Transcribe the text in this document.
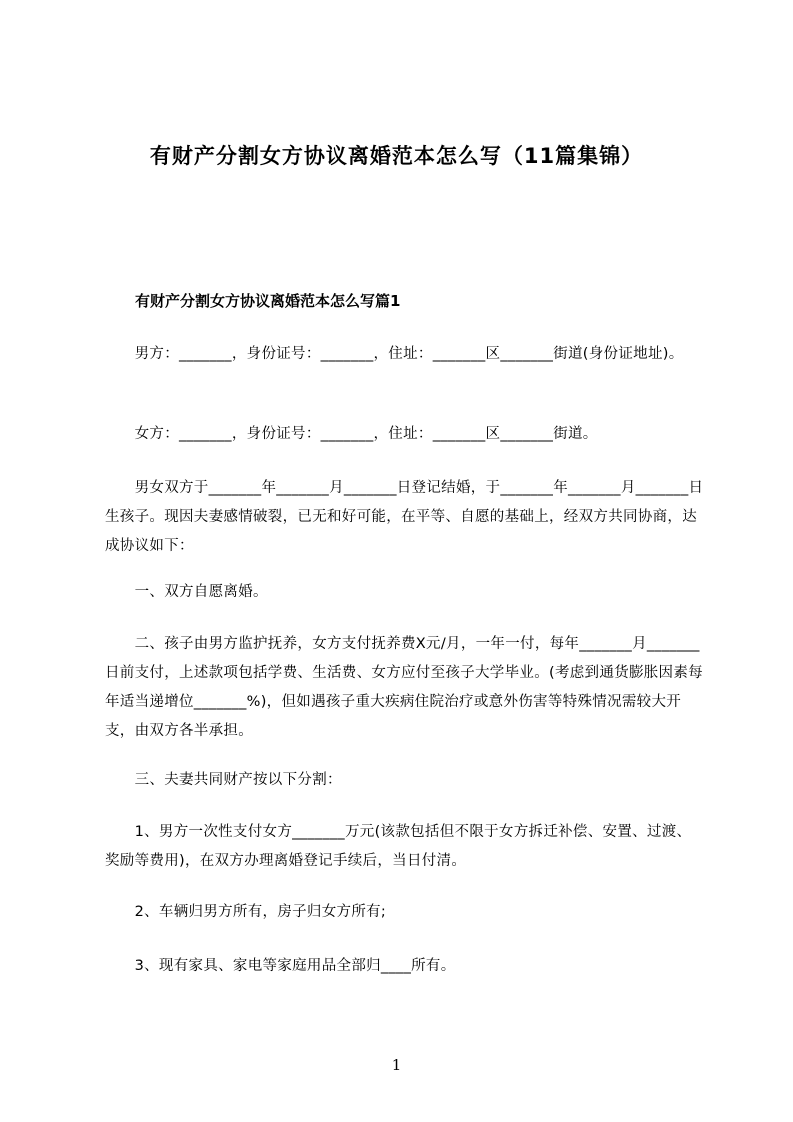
有财产分割女方协议离婚范本怎么写（11篇集锦）
有财产分割女方协议离婚范本怎么写篇1
　　男方：_______，身份证号：_______，住址：_______区_______街道(身份证地址)。
　　女方：_______，身份证号：_______，住址：_______区_______街道。
　　男女双方于_______年_______月_______日登记结婚，于_______年_______月_______日生孩子。现因夫妻感情破裂，已无和好可能，在平等、自愿的基础上，经双方共同协商，达成协议如下：
　　一、双方自愿离婚。
　　二、孩子由男方监护抚养，女方支付抚养费X元/月，一年一付，每年_______月_______日前支付，上述款项包括学费、生活费、女方应付至孩子大学毕业。(考虑到通货膨胀因素每年适当递增位_______%)，但如遇孩子重大疾病住院治疗或意外伤害等特殊情况需较大开支，由双方各半承担。
　　三、夫妻共同财产按以下分割：
　　1、男方一次性支付女方_______万元(该款包括但不限于女方拆迁补偿、安置、过渡、奖励等费用)，在双方办理离婚登记手续后，当日付清。
　　2、车辆归男方所有，房子归女方所有;
　　3、现有家具、家电等家庭用品全部归____所有。
1
